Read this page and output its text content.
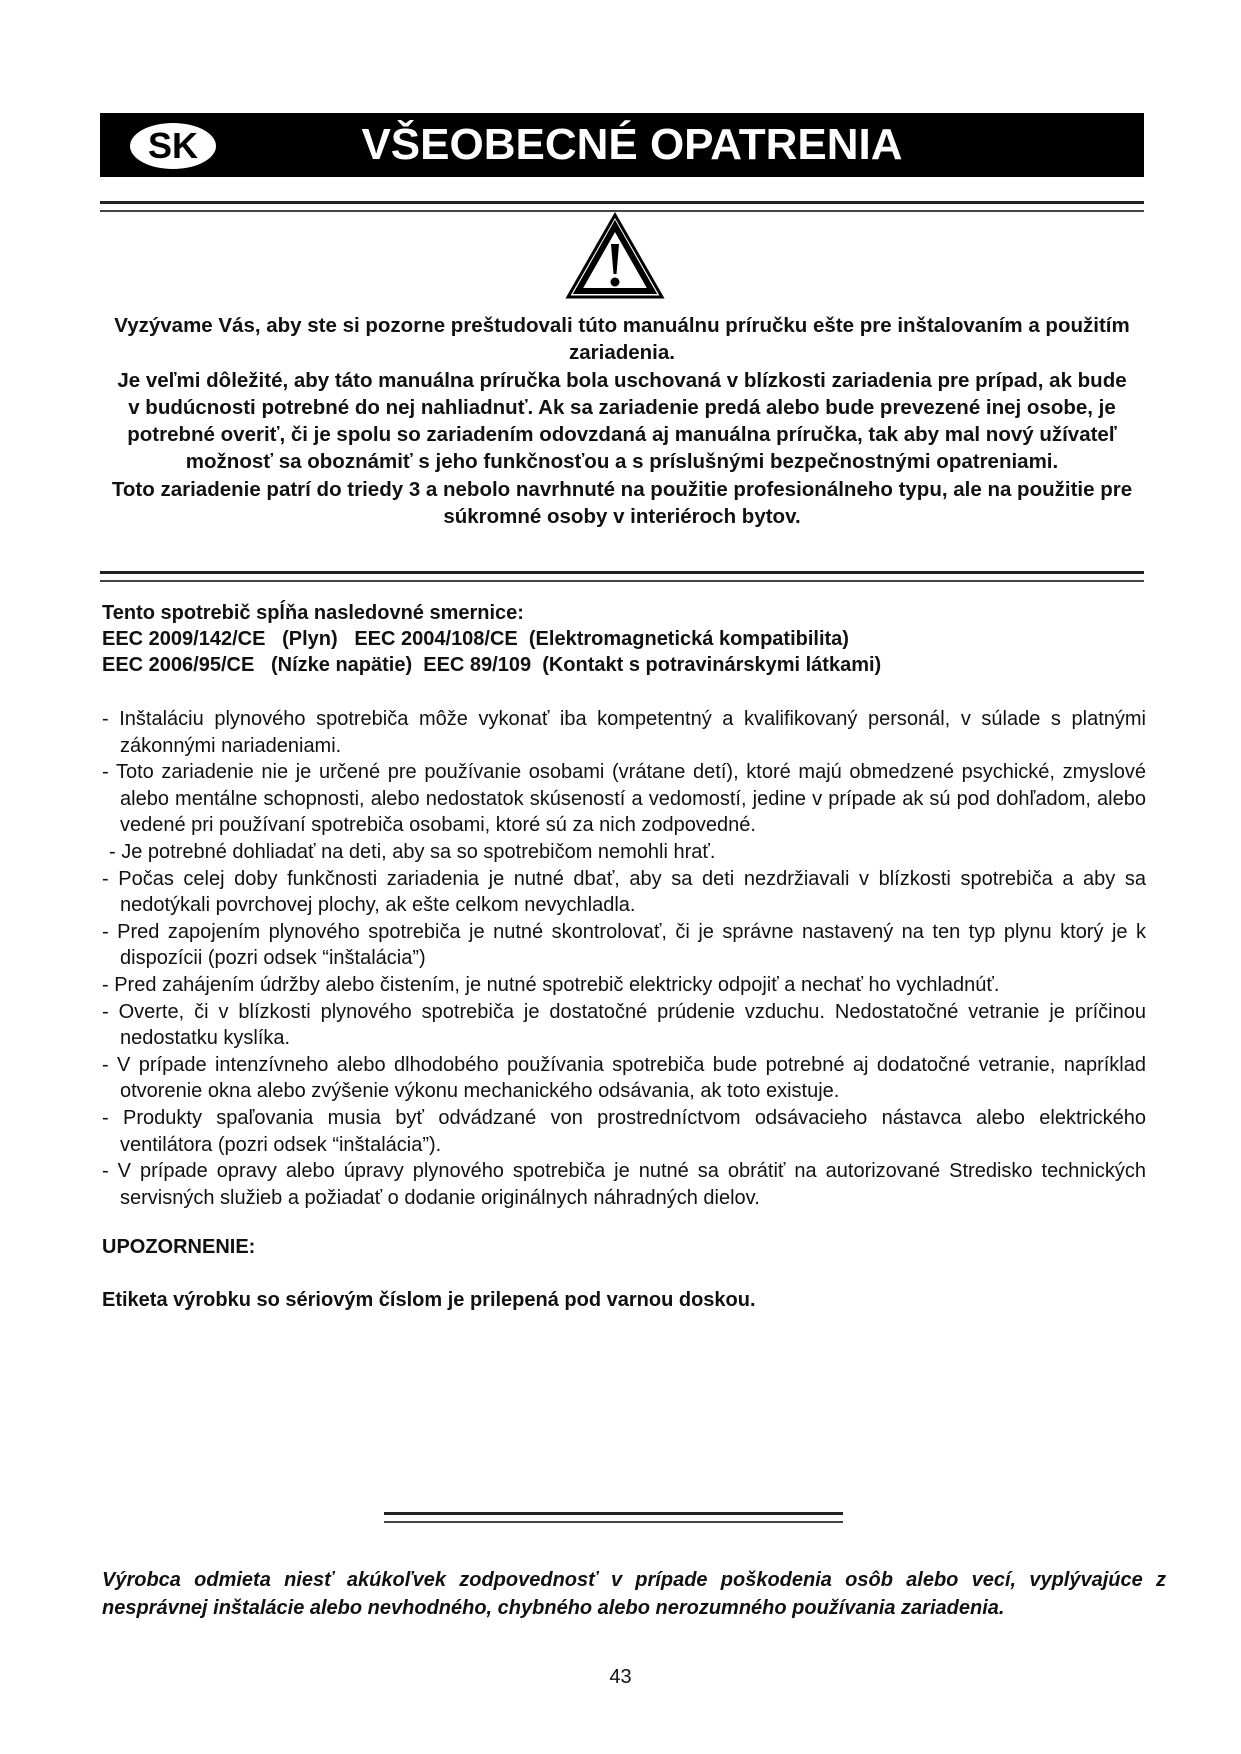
SK	VŠEOBECNÉ OPATRENIA

Vyzývame Vás, aby ste si pozorne preštudovali túto manuálnu príručku ešte pre inštalovaním a použitím zariadenia.

Je veľmi dôležité, aby táto manuálna príručka bola uschovaná v blízkosti zariadenia pre prípad, ak bude v budúcnosti potrebné do nej nahliadnuť. Ak sa zariadenie predá alebo bude prevezené inej osobe, je potrebné overiť, či je spolu so zariadením odovzdaná aj manuálna príručka, tak aby mal nový užívateľ možnosť sa oboznámiť s jeho funkčnosťou a s príslušnými bezpečnostnými opatreniami.

Toto zariadenie patrí do triedy 3 a nebolo navrhnuté na použitie profesionálneho typu, ale na použitie pre súkromné osoby v interiéroch bytov.

Tento spotrebič spĺňa nasledovné smernice:

EEC 2009/142/CE   (Plyn)   EEC 2004/108/CE  (Elektromagnetická kompatibilita)

EEC 2006/95/CE   (Nízke napätie)  EEC 89/109  (Kontakt s potravinárskymi látkami)

- Inštaláciu plynového spotrebiča môže vykonať iba kompetentný a kvalifikovaný personál, v súlade s platnými zákonnými nariadeniami.

- Toto zariadenie nie je určené pre používanie osobami (vrátane detí), ktoré majú obmedzené psychické, zmyslové alebo mentálne schopnosti, alebo nedostatok skúseností a vedomostí, jedine v prípade ak sú pod dohľadom, alebo vedené pri používaní spotrebiča osobami, ktoré sú za nich zodpovedné.

- Je potrebné dohliadať na deti, aby sa so spotrebičom nemohli hrať.

- Počas celej doby funkčnosti zariadenia je nutné dbať, aby sa deti nezdržiavali v blízkosti spotrebiča a aby sa nedotýkali povrchovej plochy, ak ešte celkom nevychladla.

- Pred zapojením plynového spotrebiča je nutné skontrolovať, či je správne nastavený na ten typ plynu ktorý je k dispozícii (pozri odsek “inštalácia”)

- Pred zahájením údržby alebo čistením, je nutné spotrebič elektricky odpojiť a nechať ho vychladnúť.

- Overte, či v blízkosti plynového spotrebiča je dostatočné prúdenie vzduchu. Nedostatočné vetranie je príčinou nedostatku kyslíka.

- V prípade intenzívneho alebo dlhodobého používania spotrebiča bude potrebné aj dodatočné vetranie, napríklad otvorenie okna alebo zvýšenie výkonu mechanického odsávania, ak toto existuje.

- Produkty spaľovania musia byť odvádzané von prostredníctvom odsávacieho nástavca alebo elektrického ventilátora (pozri odsek “inštalácia”).

- V prípade opravy alebo úpravy plynového spotrebiča je nutné sa obrátiť na autorizované Stredisko technických servisných služieb a požiadať o dodanie originálnych náhradných dielov.

UPOZORNENIE:
Etiketa výrobku so sériovým číslom je prilepená pod varnou doskou.
Výrobca odmieta niesť akúkoľvek zodpovednosť v prípade poškodenia osôb alebo vecí, vyplývajúce z nesprávnej inštalácie alebo nevhodného, chybného alebo nerozumného používania zariadenia.
43
